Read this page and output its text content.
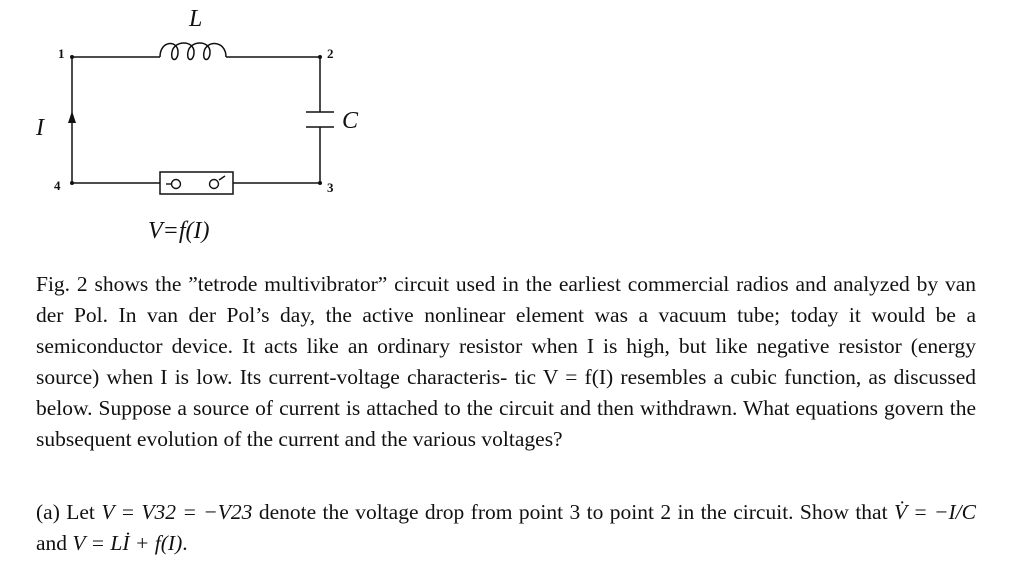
L
C
I
1	2
3
4
V=f(I)

Fig. 2 shows the ”tetrode multivibrator” circuit used in the earliest commercial radios and analyzed by van der Pol. In van der Pol’s day, the active nonlinear element was a vacuum tube; today it would be a semiconductor device. It acts like an ordinary resistor when I is high, but like negative resistor (energy source) when I is low. Its current-voltage characteris- tic V = f(I) resembles a cubic function, as discussed below. Suppose a source of current is attached to the circuit and then withdrawn. What equations govern the subsequent evolution of the current and the various voltages?

(a) Let V = V32 = −V23 denote the voltage drop from point 3 to point 2 in the circuit. Show that V̇ = −I/C and V = Lİ + f(I).
